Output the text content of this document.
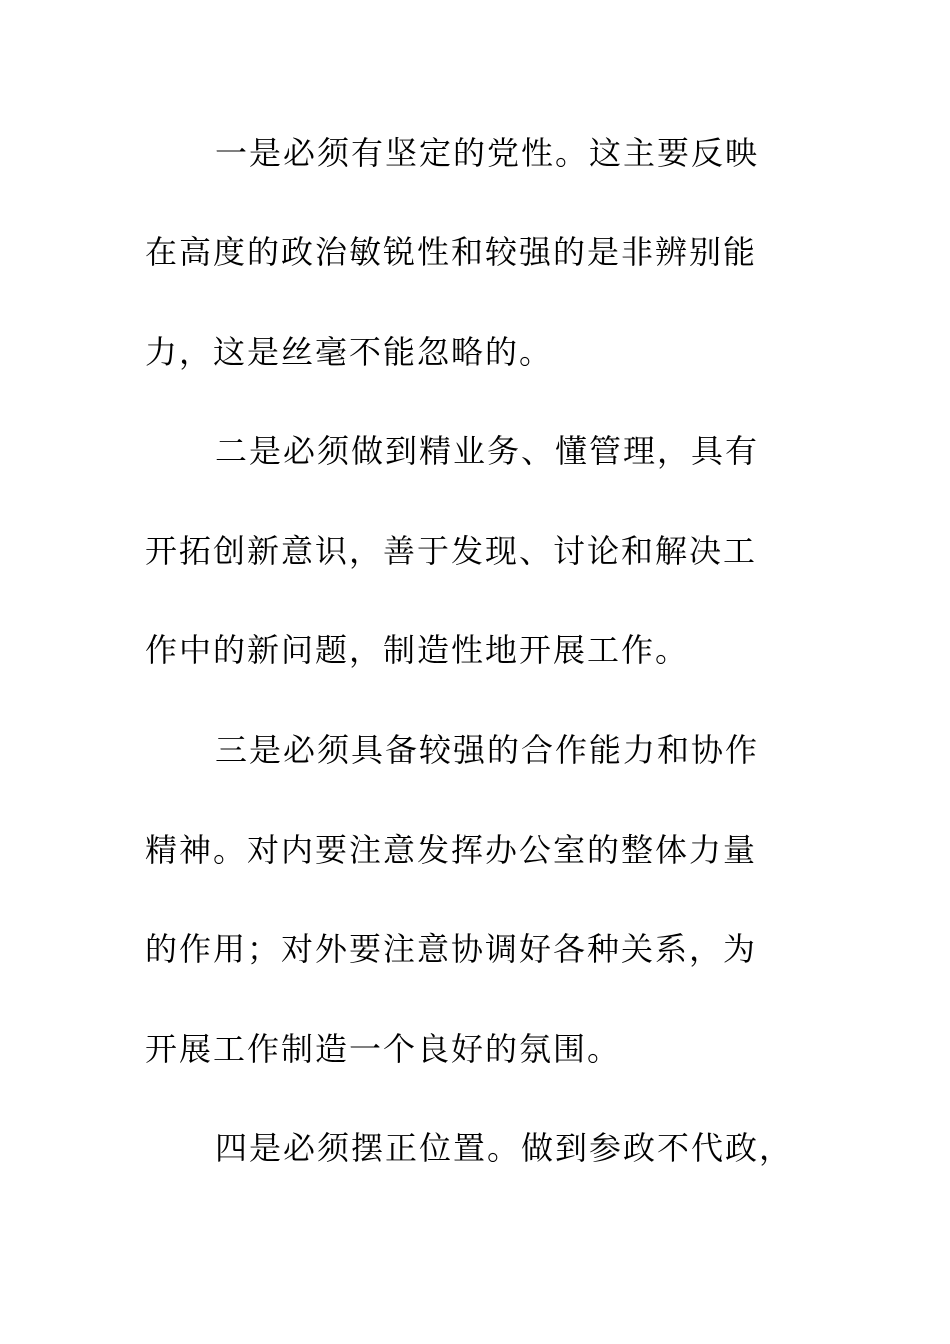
一是必须有坚定的党性。这主要反映
在高度的政治敏锐性和较强的是非辨别能
力，这是丝毫不能忽略的。
二是必须做到精业务、懂管理，具有
开拓创新意识，善于发现、讨论和解决工
作中的新问题，制造性地开展工作。
三是必须具备较强的合作能力和协作
精神。对内要注意发挥办公室的整体力量
的作用；对外要注意协调好各种关系，为
开展工作制造一个良好的氛围。
四是必须摆正位置。做到参政不代政，
